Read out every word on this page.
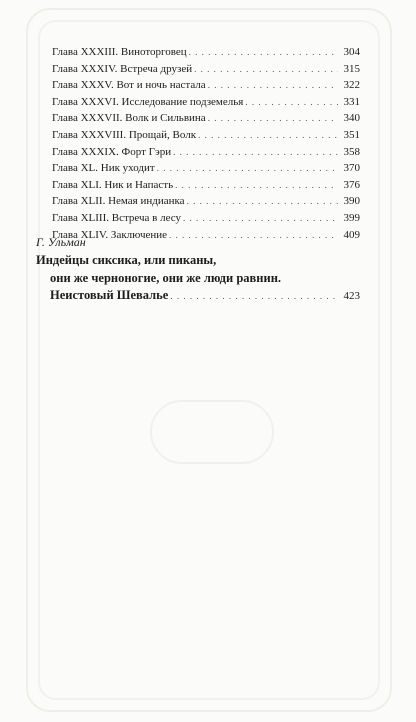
Глава XXXIII. Виноторговец . . .	304
Глава XXXIV. Встреча друзей . . .	315
Глава XXXV. Вот и ночь настала . . .	322
Глава XXXVI. Исследование подземелья . . .	331
Глава XXXVII. Волк и Сильвина . . .	340
Глава XXXVIII. Прощай, Волк . . .	351
Глава XXXIX. Форт Гэри . . .	358
Глава XL. Ник уходит . . .	370
Глава XLI. Ник и Напасть . . .	376
Глава XLII. Немая индианка . . .	390
Глава XLIII. Встреча в лесу . . .	399
Глава XLIV. Заключение . . .	409
Г. Ульман
Индейцы сиксика, или пиканы,
они же черноногие, они же люди равнин.
Неистовый Шевалье . . .	423
